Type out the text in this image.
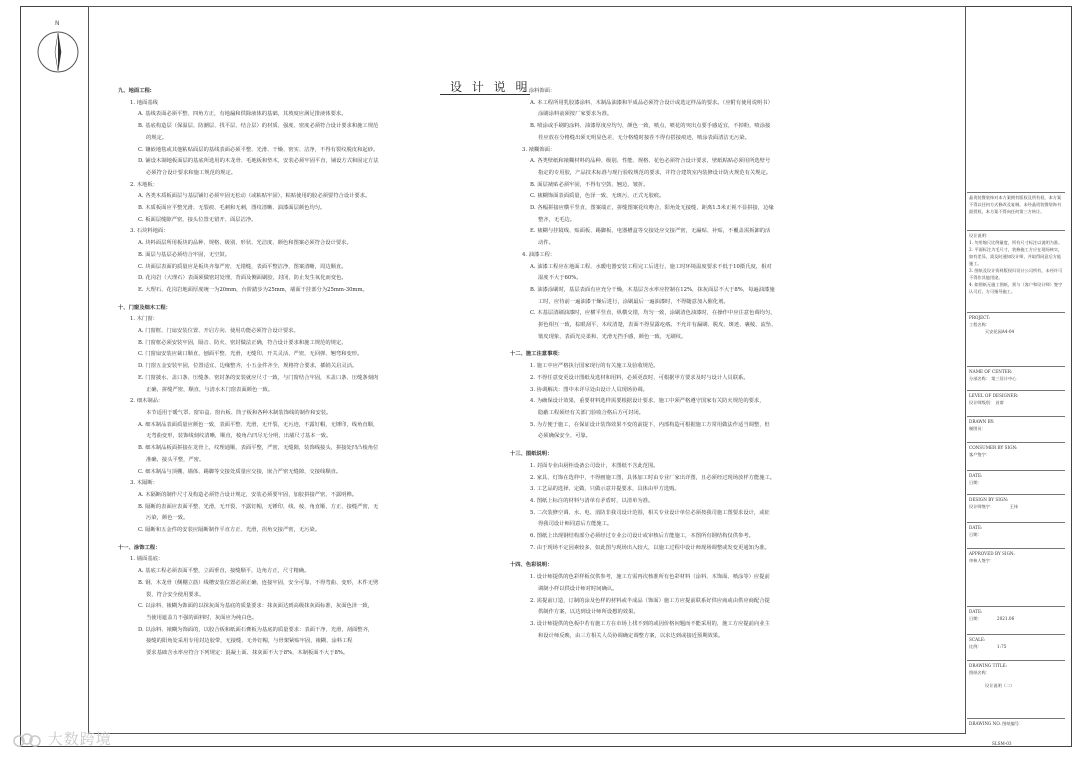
N
设 计 说 明
九、地面工程:
1. 地面基线
A. 基线表面必须平整、四角方正，有地漏和供除液体的基础，其坡度应满足排液体要求。
B. 基底构造层（保温层、防潮层、找平层、结合层）的材质、强度、密度必须符合设计要求和施工规范
的规定。
C. 镶嵌地毯或其他粘贴面层的基线表面必须平整、光滑、干燥、密实、洁净，不得有裂纹脱皮和起砂。
D. 铺设木制地板面层的基底所选用的木龙骨、毛地板和垫木，安装必须牢固平直，铺设方式和固定方法
必须符合设计要求和施工规范的规定。
2. 木地板：
A. 各类木质板面层与基层铺钉必须牢固无松动（或粘贴牢固），粘贴使用的胶必须要符合设计要求。
B. 木质板面应平整光滑、无裂痕、毛刺和无刺，图纹清晰、油漆面层颜色均匀。
C. 板面层缝隙严密，接头位置无错开、面层洁净。
3. 石块料地面：
A. 块料面层所用板块的品种、规格、级别、形状、光洁度、颜色和图案必须符合设计要求。
B. 面层与基层必须结合牢固，无空鼓。
C. 块面层表面的质量应是板块齐靠严密，无错缝，表面平整洁净，图案清晰，周边顺直。
D. 花岗岩（大理石）表面须做密封处理，背面及侧面刷胶，封闭，防止发生氧化而变色。
E. 大理石、花岗岩地面厚度统一为20mm，台阶踏步为25mm，墙面干挂部分为25mm-30mm。
十、门窗及细木工程：
1. 木门窗：
A. 门窗框、门扇安装位置、开启方向、使用功能必须符合设计要求。
B. 门窗框必须安装牢固，隔音、防火、密封做法正确，符合设计要求和施工规范的规定。
C. 门窗扇安装应裁口顺直，刨面平整、光滑，无缝印，开关灵活、严密，无回弹、翘弯和变形。
D. 门窗五金安装牢固，位置适宜，边缘整齐，小五金件齐全，规格符合要求，插销关启灵活。
E. 门窗披水、盖口条、压缝条、密封条的安装就应尺寸一致，与门窗结合牢固，木盖口条、压缝条刻肉
正确，拼缝严密，顺直，与清水木门窗表面颜色一致。
2. 细木制品：
本节适用于暖气罩、窗帘盒、窗台板、筒子板和各种木制装饰线的制作和安装。
A. 细木制品表面质量应颜色一致，表面平整、光滑，无开裂，无污迹，不露钉帽，无锤印，线角直顺，
无弯曲变形，装饰线刻纹清晰，顺直，棱角凸凹尽无分明，出墙尺寸基本一致。
B. 细木制品板面拼接在龙骨上，纹理通顺，表面平整，严密，无缝隙，装饰线接头，拼接处凹凸棱角位
准确，接头平整，严密。
C. 细木制品与顶棚、墙体、踢脚等交接处质量应交接，嵌合严密无缝隙，交接线顺直。
3. 木隔断：
A. 木隔断的制作尺寸及构造必须符合设计规定，安装必须要牢固，加胶拼接严密，不露明榫。
B. 隔断的表面应表面平整、光滑，无开裂，不露钉帽，无锤印，线、棱、角直顺，方正，接缝严密，无
污染，颜色一致。
C. 隔断和五金件的安装应隔断制作平直方正、光滑，拐角交接严密，无污染。
十一、涂饰工程：
1. 墙面基底：
A. 基底工程必须表面平整，立面垂直，接缝顺平，边角方正，尺寸精确。
B. 钢、木龙骨（侧棚立筋）线槽安装位置必须正确，连接牢固，安全可靠，不得弯曲、变形，木件无劈
裂，符合安全使用要求。
C. 以涂料、裱糊为饰面的以抹灰面为基底的质量要求：抹灰面达到高级抹灰面标准，灰面色泽一致，
当使用遮盖力不强的面料时，灰面应为纯白色。
D. 以涂料、裱糊为饰面的，以胶合板和纸面石膏板为基底的质量要求：表面干净、光滑，刮面整齐，
接缝的阳角处采用专用封边胶带，无接缝、无外钉帽，与骨架紧贴牢固，裱糊、涂料工程
要求基础含水率应符合下列规定：混凝土面、抹灰面不大于8%，木制板面不大于8%。
2. 涂料饰面：
A. 本工程所用乳胶漆涂料、木制品油漆和半成品必须符合设计或选定样品的要求。（应附有使用说明书）
涂刷涂料前须按厂家要求为准。
B. 喷涂或手刷的涂料、油漆厚度应均匀，颜色一致，喷点，喷花的突出点要手感适宜，不掉粉，喷涂接
茬应放在分格缝出须无明显色差，无分格缝时接茬不得有搭接痕迹，喷涂表面清洁无污染。
3. 裱糊饰面：
A. 各类壁纸和裱糊材料的品种、级别、性能、规格、花色必须符合设计要求，壁纸粘贴必须用所选壁号
指定的专用胶，产品技术标准与现行验收规范的要求，并符合建筑室内装修设计防火规范有关规定。
B. 面层裱贴必须牢固，不得有空鼓、翘边、皱折。
C. 裱糊饰面表面质量，色泽一致，无斑污，正式无胶痕。
D. 各幅拼接应横平竖直，图案端正，拼缝图案花纹吻合，阳角处无接缝，距离1.5米正视不显拼接，边缘
整齐，无毛边。
E. 裱糊与挂镜线、贴面板、踢脚板、电器槽盒等交接处应交接严密，无漏贴、补贴，不覆盖需拆卸的活
动件。
4. 油漆工程：
A. 油漆工程应在地面工程、水暖电器安装工程完工后进行，施工时环境温度要求不低于10摄氏度，相对
湿度不大于60%。
B. 油漆涂刷时，基层表面有应充分干燥，木基层含水率应控制在12%，抹灰面层不大于8%，每遍油漆施
工时，应待前一遍油漆干燥后进行，涂刷最后一遍油漆时，不得随意加入催化剂。
C. 木基层清刷油漆时，应横平竖直，纵横交错，均匀一致，涂刷清色油漆时，在操作中应注意色调均匀，
拼色相互一致，棕眼刮平，木纹清楚，表面不得显露疙瘩。不允许有漏刷、脱皮、斑迹、裹棱、流坠、
皱皮现象，表面光亮柔和，光滑无挡手感，颜色一致，无刷纹。
十二、施工注意事项：
1. 施工中应严格执行国家现行的有关施工及验收规范。
2. 不得任意变更设计图纸及选材和用料，必须更改时，可根据甲方要求及时与设计人员联系。
3. 协调解决：图中未详尽处由设计人员现场协调。
4. 为确保设计效果，重要材料选样需要根据设计要求，施工中须严格遵守国家有关防火规范的要求，
隐蔽工程须经有关部门验收合格后方可封闭。
5. 为方便于施工，在保证设计装饰效果不变的前提下，内部构造可根据施工方常用做法作适当调整，但
必须确保安全、可靠。
十三、图纸说明：
1. 封面专业由厨柜设备公司设计，本图纸不含此范围。
2. 家具、灯饰在选样中，不得画施工图，具体加工时由专业厂家出详图，且必须经过现场放样方能施工。
3. 工艺品的选择、定做，只做示意并提要求，具体由甲方选购。
4. 图纸上标注的材料与清单有矛盾时，以清单为准。
5. 二次装修空调、水、电、消防非我司设计范围，相关专业设计单位必须按我司施工图要求设计，或征
得我司设计师同意后方能施工。
6. 图纸上出现钢结构部分必须经过专业公司设计或审核后方能施工，本图所有钢结构仅供参考。
7. 由于现场不定因素较多，如此图与现场出入较大，以施工过程中设计师现场调整或发变更通知为准。
十四、色彩说明：
1. 设计师提供的色彩样板仅供参考，施工方需再次核准所有色彩材料（涂料、木饰面、喷涂等）应提前
调制小样以供设计师对时间确认。
2. 需提前订造，订制的涂及色样的材料或半成品（饰面）施工方应提前联系好供应商或由供应商配合提
供制作方案，以达到设计师所设想的效果。
3. 设计师提供的色板中若有施工方在市场上找不到的或因价格问题而不能采用的，施工方应提前向业主
和设计师反映，由三方相关人员协调确定调整方案，以求达到或接近预期效果。
晶贵装暨装饰对本方案拥有版权及所有权，本方案不得以任何方式修改及复制。未经晶贵装暨装饰书面授权，本方案不得向任何第三方转让。
设计说明：
1. 勿用缩尺比例量度，所有尺寸标注以说明为准。
2. 平面标注为毛尺寸，装修施工方应在现场核实，如有差异，需及时通知设计师，并取得同意后方能施工。
3. 图纸及设计资料版权归设计公司所有，未经许可不得作其他用途。
4. 如图纸无施工图纸，须与（客户和设计师）签字认可后，方可指导施工。
PROJECT:
工程名称：
天安花园A4-04
NAME OF CENTER:
分部名称： 第三设计中心
LEVEL OF DESIGNER:
设计师级别： 首席
DRAWN BY:
制图员：
CONSUMER BY SIGN:
客户签字：
DATE:
日期：
DESIGN BY SIGN:
设计师签字：	王伟
DATE:
日期：
APPROVED BY SIGN:
审核人签字：
DATE:
日期：	2021.06
SCALE:
比例：	1:75
DRAWING TITLE:
图纸名称：
设计说明（二）
DRAWING NO. 图纸编号：
SLSM-03
大数跨境
